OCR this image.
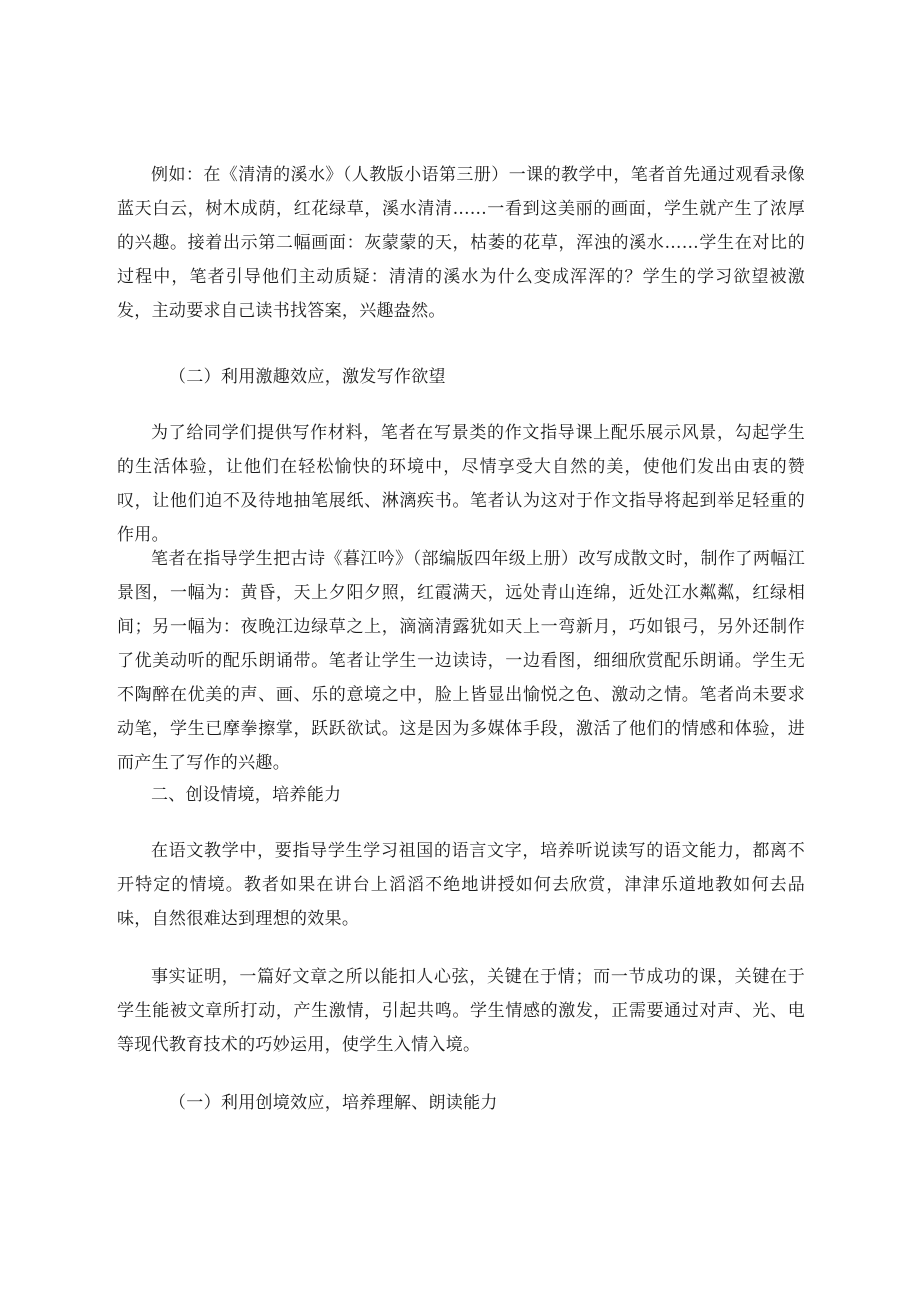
例如：在《清清的溪水》（人教版小语第三册）一课的教学中，笔者首先通过观看录像蓝天白云，树木成荫，红花绿草，溪水清清......一看到这美丽的画面，学生就产生了浓厚的兴趣。接着出示第二幅画面：灰蒙蒙的天，枯萎的花草，浑浊的溪水……学生在对比的过程中，笔者引导他们主动质疑：清清的溪水为什么变成浑浑的？学生的学习欲望被激发，主动要求自己读书找答案，兴趣盎然。

（二）利用激趣效应，激发写作欲望

为了给同学们提供写作材料，笔者在写景类的作文指导课上配乐展示风景，勾起学生的生活体验，让他们在轻松愉快的环境中，尽情享受大自然的美，使他们发出由衷的赞叹，让他们迫不及待地抽笔展纸、淋漓疾书。笔者认为这对于作文指导将起到举足轻重的作用。

笔者在指导学生把古诗《暮江吟》（部编版四年级上册）改写成散文时，制作了两幅江景图，一幅为：黄昏，天上夕阳夕照，红霞满天，远处青山连绵，近处江水粼粼，红绿相间；另一幅为：夜晚江边绿草之上，滴滴清露犹如天上一弯新月，巧如银弓，另外还制作了优美动听的配乐朗诵带。笔者让学生一边读诗，一边看图，细细欣赏配乐朗诵。学生无不陶醉在优美的声、画、乐的意境之中，脸上皆显出愉悦之色、激动之情。笔者尚未要求动笔，学生已摩拳擦掌，跃跃欲试。这是因为多媒体手段，激活了他们的情感和体验，进而产生了写作的兴趣。

二、创设情境，培养能力

在语文教学中，要指导学生学习祖国的语言文字，培养听说读写的语文能力，都离不开特定的情境。教者如果在讲台上滔滔不绝地讲授如何去欣赏，津津乐道地教如何去品味，自然很难达到理想的效果。

事实证明，一篇好文章之所以能扣人心弦，关键在于情；而一节成功的课，关键在于学生能被文章所打动，产生激情，引起共鸣。学生情感的激发，正需要通过对声、光、电等现代教育技术的巧妙运用，使学生入情入境。

（一）利用创境效应，培养理解、朗读能力
